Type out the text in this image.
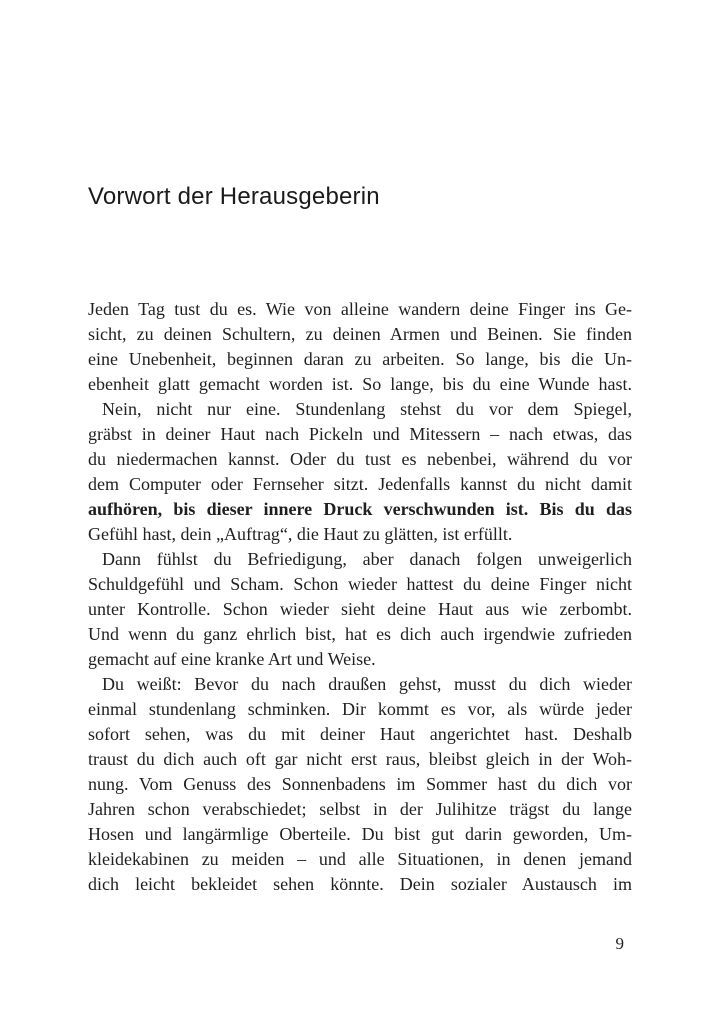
Vorwort der Herausgeberin
Jeden Tag tust du es. Wie von alleine wandern deine Finger ins Ge-
sicht, zu deinen Schultern, zu deinen Armen und Beinen. Sie finden
eine Unebenheit, beginnen daran zu arbeiten. So lange, bis die Un-
ebenheit glatt gemacht worden ist. So lange, bis du eine Wunde hast.
Nein, nicht nur eine. Stundenlang stehst du vor dem Spiegel,
gräbst in deiner Haut nach Pickeln und Mitessern – nach etwas, das
du niedermachen kannst. Oder du tust es nebenbei, während du vor
dem Computer oder Fernseher sitzt. Jedenfalls kannst du nicht damit
aufhören, bis dieser innere Druck verschwunden ist. Bis du das
Gefühl hast, dein „Auftrag“, die Haut zu glätten, ist erfüllt.
Dann fühlst du Befriedigung, aber danach folgen unweigerlich
Schuldgefühl und Scham. Schon wieder hattest du deine Finger nicht
unter Kontrolle. Schon wieder sieht deine Haut aus wie zerbombt.
Und wenn du ganz ehrlich bist, hat es dich auch irgendwie zufrieden
gemacht auf eine kranke Art und Weise.
Du weißt: Bevor du nach draußen gehst, musst du dich wieder
einmal stundenlang schminken. Dir kommt es vor, als würde jeder
sofort sehen, was du mit deiner Haut angerichtet hast. Deshalb
traust du dich auch oft gar nicht erst raus, bleibst gleich in der Woh-
nung. Vom Genuss des Sonnenbadens im Sommer hast du dich vor
Jahren schon verabschiedet; selbst in der Julihitze trägst du lange
Hosen und langärmlige Oberteile. Du bist gut darin geworden, Um-
kleidekabinen zu meiden – und alle Situationen, in denen jemand
dich leicht bekleidet sehen könnte. Dein sozialer Austausch im
9
